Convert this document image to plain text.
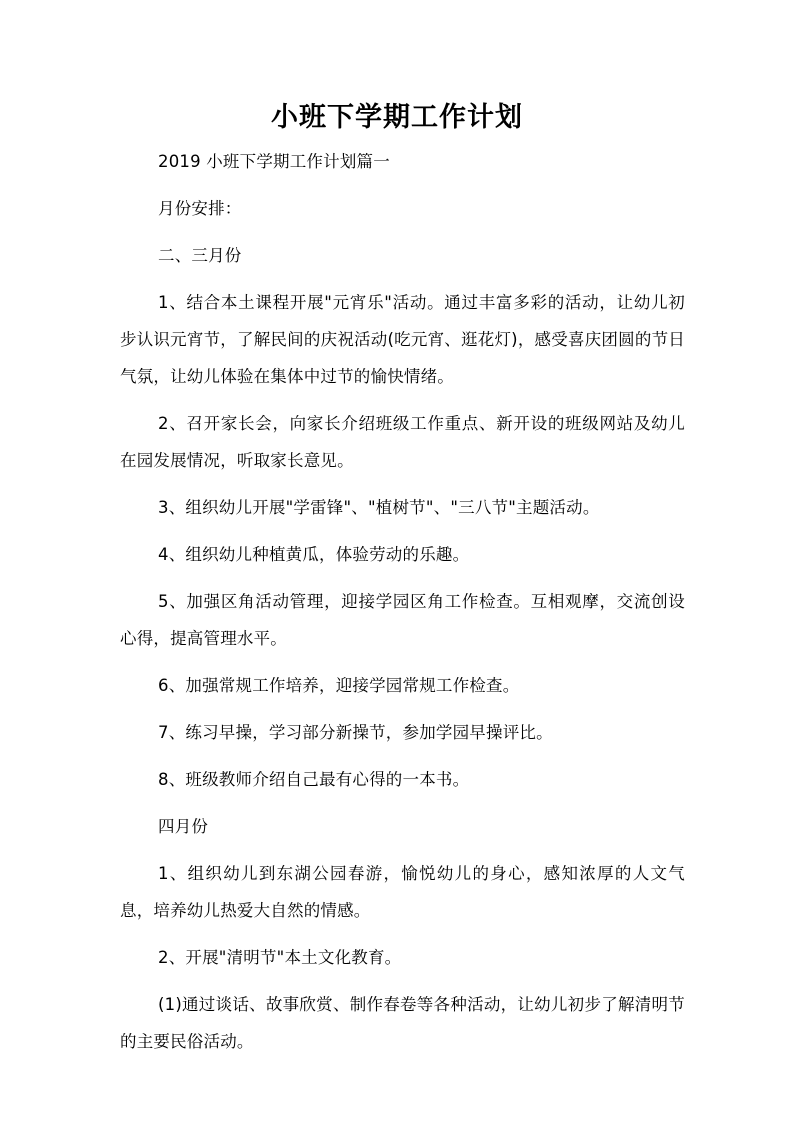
小班下学期工作计划

2019 小班下学期工作计划篇一

月份安排：

二、三月份

1、结合本土课程开展"元宵乐"活动。通过丰富多彩的活动，让幼儿初步认识元宵节，了解民间的庆祝活动(吃元宵、逛花灯)，感受喜庆团圆的节日气氛，让幼儿体验在集体中过节的愉快情绪。

2、召开家长会，向家长介绍班级工作重点、新开设的班级网站及幼儿在园发展情况，听取家长意见。

3、组织幼儿开展"学雷锋"、"植树节"、"三八节"主题活动。

4、组织幼儿种植黄瓜，体验劳动的乐趣。

5、加强区角活动管理，迎接学园区角工作检查。互相观摩，交流创设心得，提高管理水平。

6、加强常规工作培养，迎接学园常规工作检查。

7、练习早操，学习部分新操节，参加学园早操评比。

8、班级教师介绍自己最有心得的一本书。

四月份

1、组织幼儿到东湖公园春游，愉悦幼儿的身心，感知浓厚的人文气息，培养幼儿热爱大自然的情感。

2、开展"清明节"本土文化教育。

(1)通过谈话、故事欣赏、制作春卷等各种活动，让幼儿初步了解清明节的主要民俗活动。
